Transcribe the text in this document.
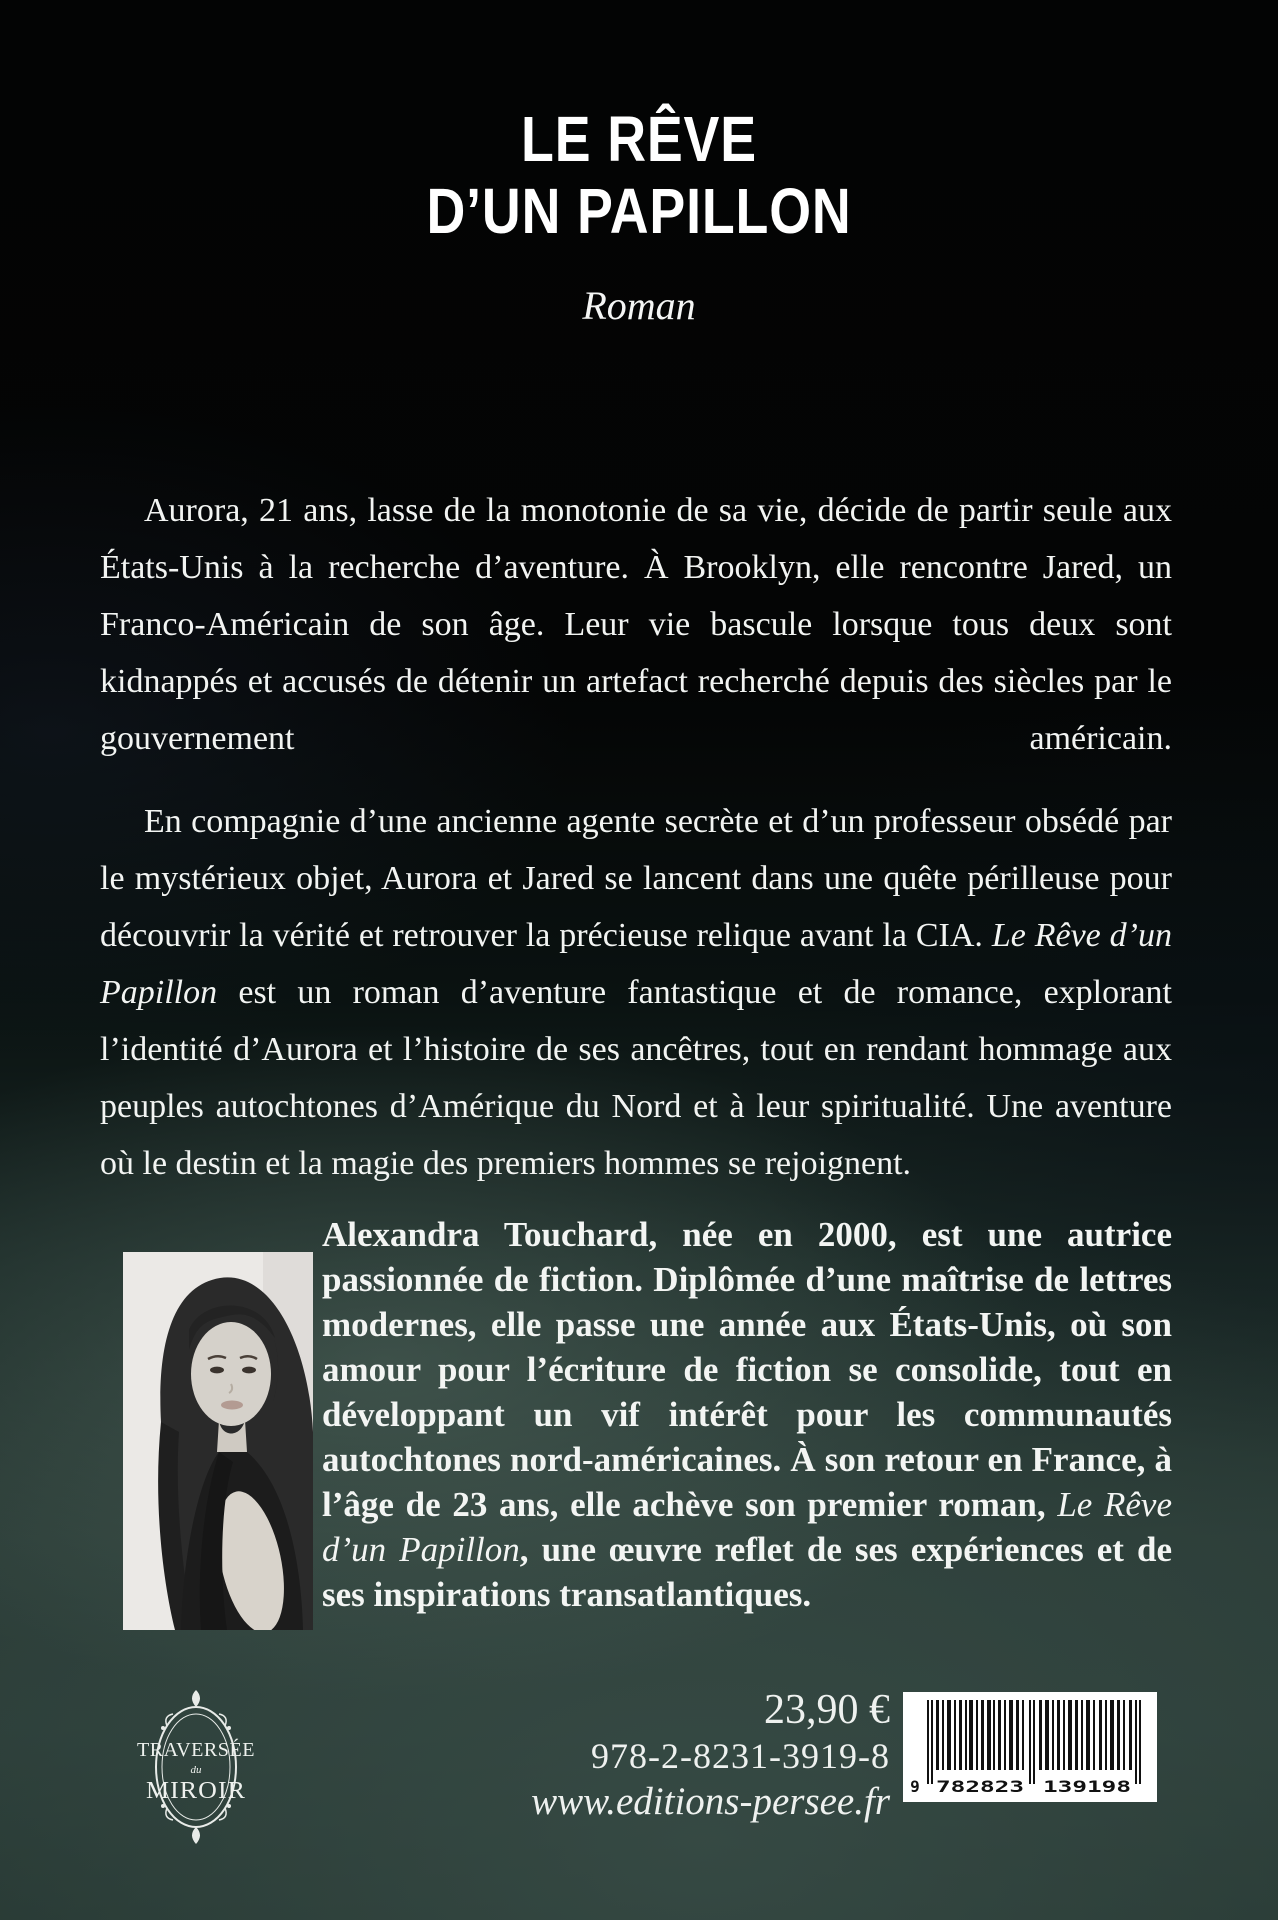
LE RÊVE
D’UN PAPILLON
Roman

Aurora, 21 ans, lasse de la monotonie de sa vie, décide de partir seule aux États-Unis à la recherche d’aventure. À Brooklyn, elle rencontre Jared, un Franco-Américain de son âge. Leur vie bascule lorsque tous deux sont kidnappés et accusés de détenir un artefact recherché depuis des siècles par le gouvernement américain.

En compagnie d’une ancienne agente secrète et d’un professeur obsédé par le mystérieux objet, Aurora et Jared se lancent dans une quête périlleuse pour découvrir la vérité et retrouver la précieuse relique avant la CIA. Le Rêve d’un Papillon est un roman d’aventure fantastique et de romance, explorant l’identité d’Aurora et l’histoire de ses ancêtres, tout en rendant hommage aux peuples autochtones d’Amérique du Nord et à leur spiritualité. Une aventure où le destin et la magie des premiers hommes se rejoignent.

Alexandra Touchard, née en 2000, est une autrice passionnée de fiction. Diplômée d’une maîtrise de lettres modernes, elle passe une année aux États-Unis, où son amour pour l’écriture de fiction se consolide, tout en développant un vif intérêt pour les communautés autochtones nord-américaines. À son retour en France, à l’âge de 23 ans, elle achève son premier roman, Le Rêve d’un Papillon, une œuvre reflet de ses expériences et de ses inspirations transatlantiques.

TRAVERSÉE
du
MIROIR
23,90 €
978-2-8231-3919-8
www.editions-persee.fr 9 782823 139198
